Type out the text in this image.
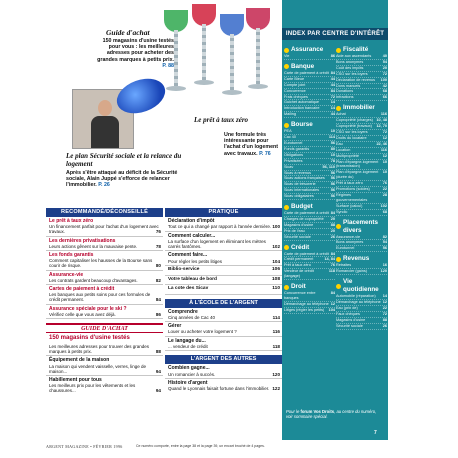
Guide d'achat
150 magasins d'usine testés pour vous : les meilleures adresses pour acheter des grandes marques à petits prix. P. 88
Le prêt à taux zéro
Une formule très intéressante pour l'achat d'un logement avec travaux. P. 76
Le plan Sécurité sociale et la relance du logement
Après s'être attaqué au déficit de la Sécurité sociale, Alain Juppé s'efforce de relancer l'immobilier. P. 26
RECOMMANDÉ/DÉCONSEILLÉ
Le prêt à taux zéro
Un financement parfait pour l'achat d'un logement avec travaux.	76
Les dernières privatisations
Leurs actions gênent sur la mauvaise pente.	78
Les fonds garantis
Comment capitaliser les hausses de la Bourse sans courir de risque.	80
Assurance-vie
Les contrats gardent beaucoup d'avantages.	82
Cartes de paiement à crédit
Les banques aux petits soins pour ces formules de crédit permanent.	84
Assurance spéciale pour le ski ?
Vérifiez celle que vous avez déjà.	86
GUIDE D'ACHAT
150 magasins d'usine testés
Les meilleures adresses pour trouver des grandes marques à petits prix.	88
Équipement de la maison
La maison qui vendent vaisselle, verres, linge de maison...	94
Habillement pour tous
Les meilleurs prix pour les vêtements et les chaussures...	94
PRATIQUE
Déclaration d'impôt
Tout ce qui a changé par rapport à l'année dernière. 100
Comment calculer...
La surface d'un logement en éliminant les mètres carrés fantômes.	102
Comment faire...
Pour régler les petits litiges	104
Biblio-service	106
Votre tableau de bord	108
La cote des Sicav	110
À L'ÉCOLE DE L'ARGENT
Comprendre
Cinq années de Cac 40	114
Gérer
Louer ou acheter votre logement ?	116
Le langage du...
... vendeur de crédit	118
L'ARGENT DES AUTRES
Combien gagne...
Un romancier à succès.	120
Histoire d'argent
Quand le Lyonnais faisait fortune dans l'immobilier. 122
INDEX PAR CENTRE D'INTÉRÊT
Assurance
Vie	86
Banque
Carte de paiement à crédit 84
Carte Bleue	44
Compte joint	44
Concurrence	84
Frais chèques	72
Guichet automatique	14
Introduction bancaire	14
Mailing	44
Bourse
PEA	10
Cac 40	114
Eurotunnel	56
Fonds garantis	80
Obligations	10
Privatisées	78
Sicav	56, 110
Sicav à revenus	56
Sicav actions françaises 56
Sicav de trésorerie	56
Sicav internationales	56
Sicav obligataires	56
Budget
Carte de paiement à crédit 84
Charges de copropriété 20
Magasins d'usine	88
Prix de l'eau	20
Sécurité sociale	26
Crédit
Carte de paiement à crédit 84
Crédit permanent	14, 84
Prêt à taux zéro	76
Vendeur de crédit (langage)
118
Droit
Concurrence entre banques
84
Démarchage au téléphone 12
Litiges (régler les petits) 104
Fiscalité
Aide aux ascendants	40
Bons anonymes	54
Coût des impôts	20
CSG sur les loyers	72
Déclaration de revenus 100
Dons manuels	42
Donations	68
Infractions	66
Immobilier
Achat	116
Copropriété (charges) 10, 48
Copropriété (travaux) 12, 70
CSG sur les loyers	72
Droits du locataire	12
Eau	22, 46
Location	116
Multipropriété	12
Plan d'épargne-logement (transmission)
10
Plan d'épargne-logement (durée du)
10
Prêt à taux zéro	76
Promotions (soldes)	22
Régimes gouvernementales
28
Surface (calcul)	102
Syndic	68
Placements divers
Assurance-vie	82
Bons anonymes	54
Eurotunnel	56
Revenus
Retraites	16
Romancier (gains)	120
Vie quotidienne
Automobile (réparation) 14
Démarchage au téléphone 12
Eau (prix de)	22
Faux chèques	72
Magasins d'usine	88
Sécurité sociale	26
Pour le forum Vos Droits, au centre du numéro, voir sommaire spécial.
7
ARGENT MAGAZINE • FÉVRIER 1996	Ce numéro comporte, entre la page 38 et la page 39, un encart broché de 4 pages.
